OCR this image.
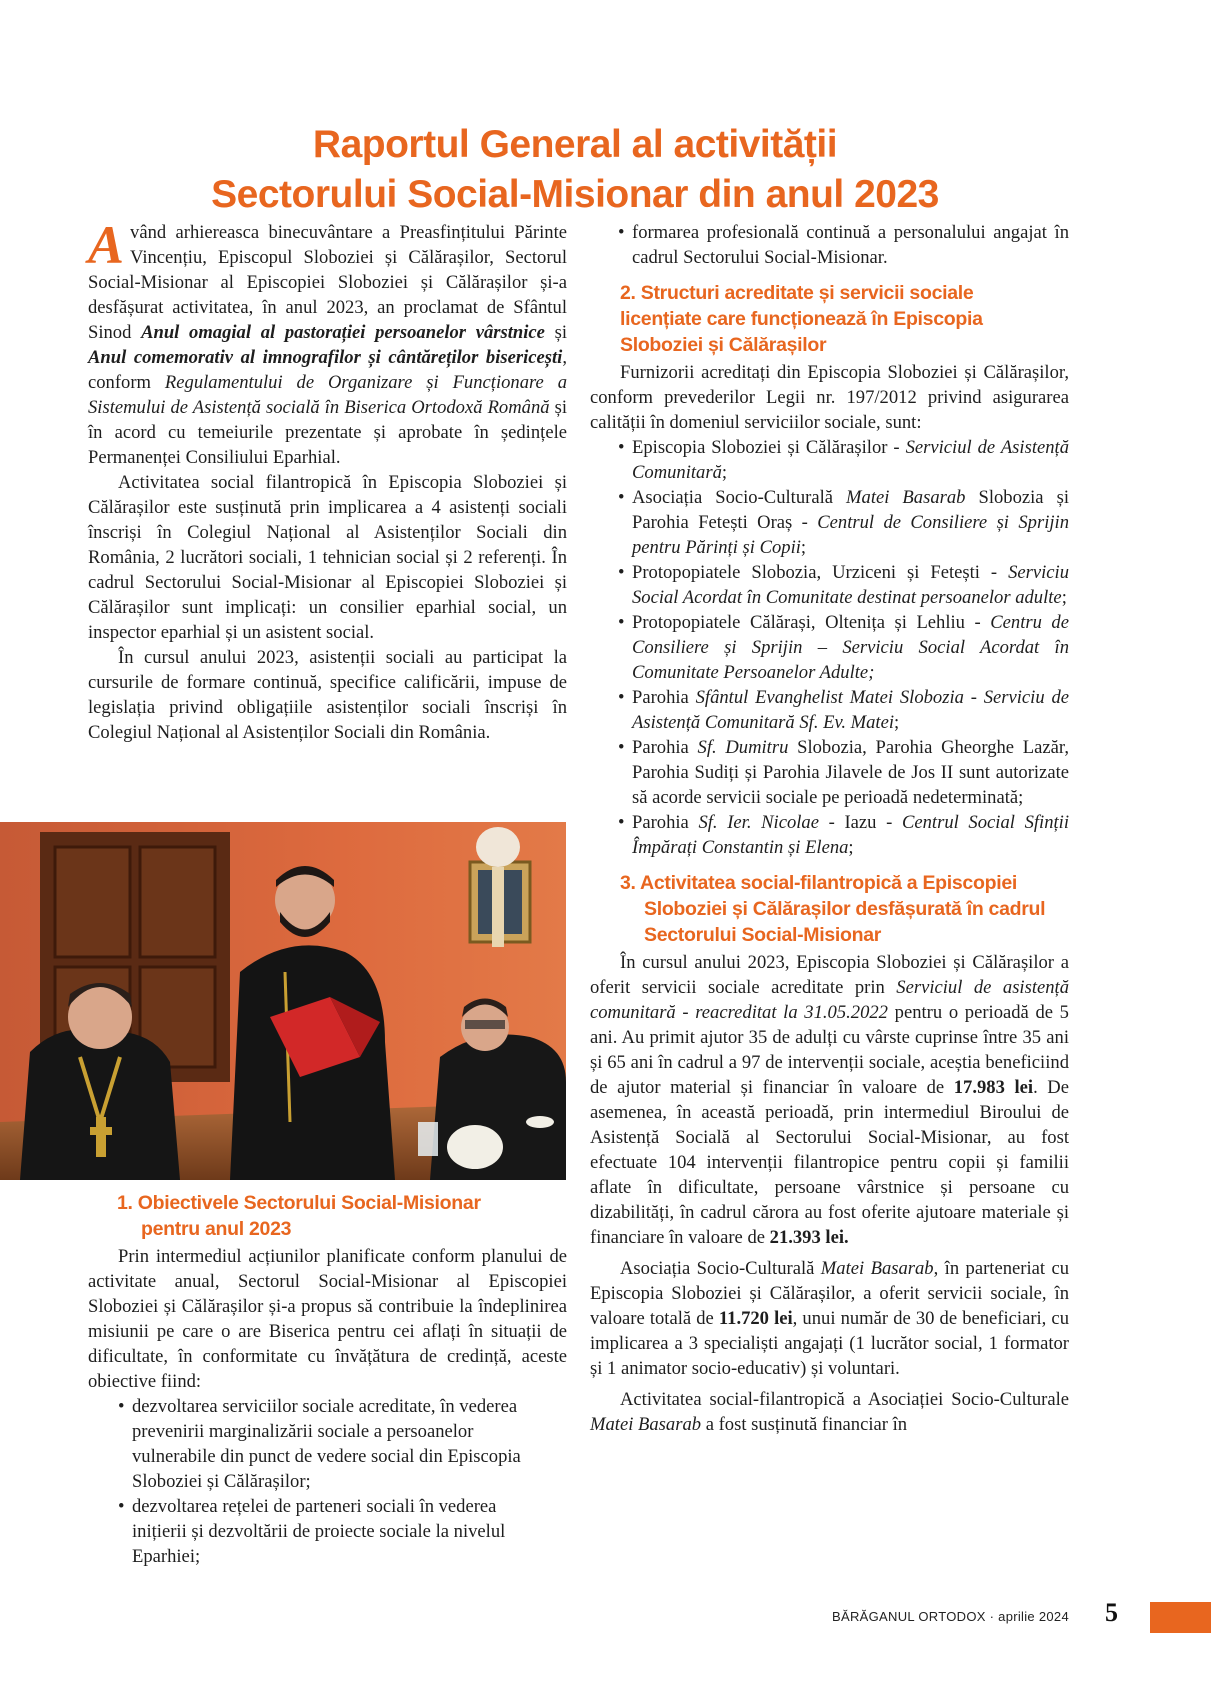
Raportul General al activității
Sectorului Social-Misionar din anul 2023

Având arhiereasca binecuvântare a Preasfințitului Părinte Vincențiu, Episcopul Sloboziei și Călărașilor, Sectorul Social-Misionar al Episcopiei Sloboziei și Călărașilor și-a desfășurat activitatea, în anul 2023, an proclamat de Sfântul Sinod Anul omagial al pastorației persoanelor vârstnice și Anul comemorativ al imnografilor și cântăreților bisericești, conform Regulamentului de Organizare și Funcționare a Sistemului de Asistență socială în Biserica Ortodoxă Română și în acord cu temeiurile prezentate și aprobate în ședințele Permanenței Consiliului Eparhial.

Activitatea social filantropică în Episcopia Sloboziei și Călărașilor este susținută prin implicarea a 4 asistenți sociali înscriși în Colegiul Național al Asistenților Sociali din România, 2 lucrători sociali, 1 tehnician social și 2 referenți. În cadrul Sectorului Social-Misionar al Episcopiei Sloboziei și Călărașilor sunt implicați: un consilier eparhial social, un inspector eparhial și un asistent social.

În cursul anului 2023, asistenții sociali au participat la cursurile de formare continuă, specifice calificării, impuse de legislația privind obligațiile asistenților sociali înscriși în Colegiul Național al Asistenților Sociali din România.

1. Obiectivele Sectorului Social-Misionar
pentru anul 2023

Prin intermediul acțiunilor planificate conform planului de activitate anual, Sectorul Social-Misionar al Episcopiei Sloboziei și Călărașilor și-a propus să contribuie la îndeplinirea misiunii pe care o are Biserica pentru cei aflați în situații de dificultate, în conformitate cu învățătura de credință, aceste obiective fiind:

• dezvoltarea serviciilor sociale acreditate, în vederea prevenirii marginalizării sociale a persoanelor vulnerabile din punct de vedere social din Episcopia Sloboziei și Călărașilor;
• dezvoltarea rețelei de parteneri sociali în vederea inițierii și dezvoltării de proiecte sociale la nivelul Eparhiei;
• formarea profesională continuă a personalului angajat în cadrul Sectorului Social-Misionar.
2. Structuri acreditate și servicii sociale
licențiate care funcționează în Episcopia
Sloboziei și Călărașilor

Furnizorii acreditați din Episcopia Sloboziei și Călărașilor, conform prevederilor Legii nr. 197/2012 privind asigurarea calității în domeniul serviciilor sociale, sunt:

• Episcopia Sloboziei și Călărașilor - Serviciul de Asistență Comunitară;
• Asociația Socio-Culturală Matei Basarab Slobozia și Parohia Fetești Oraș - Centrul de Consiliere și Sprijin pentru Părinți și Copii;
• Protopopiatele Slobozia, Urziceni și Fetești - Serviciu Social Acordat în Comunitate destinat persoanelor adulte;
• Protopopiatele Călărași, Oltenița și Lehliu - Centru de Consiliere și Sprijin – Serviciu Social Acordat în Comunitate Persoanelor Adulte;
• Parohia Sfântul Evanghelist Matei Slobozia - Serviciu de Asistență Comunitară Sf. Ev. Matei;
• Parohia Sf. Dumitru Slobozia, Parohia Gheorghe Lazăr, Parohia Sudiți și Parohia Jilavele de Jos II sunt autorizate să acorde servicii sociale pe perioadă nedeterminată;
• Parohia Sf. Ier. Nicolae - Iazu - Centrul Social Sfinții Împărați Constantin și Elena;
3. Activitatea social-filantropică a Episcopiei
Sloboziei și Călărașilor desfășurată în cadrul
Sectorului Social-Misionar

În cursul anului 2023, Episcopia Sloboziei și Călărașilor a oferit servicii sociale acreditate prin Serviciul de asistență comunitară - reacreditat la 31.05.2022 pentru o perioadă de 5 ani. Au primit ajutor 35 de adulți cu vârste cuprinse între 35 ani și 65 ani în cadrul a 97 de intervenții sociale, aceștia beneficiind de ajutor material și financiar în valoare de 17.983 lei. De asemenea, în această perioadă, prin intermediul Biroului de Asistență Socială al Sectorului Social-Misionar, au fost efectuate 104 intervenții filantropice pentru copii și familii aflate în dificultate, persoane vârstnice și persoane cu dizabilități, în cadrul cărora au fost oferite ajutoare materiale și financiare în valoare de 21.393 lei.

Asociația Socio-Culturală Matei Basarab, în parteneriat cu Episcopia Sloboziei și Călărașilor, a oferit servicii sociale, în valoare totală de 11.720 lei, unui număr de 30 de beneficiari, cu implicarea a 3 specialiști angajați (1 lucrător social, 1 formator și 1 animator socio-educativ) și voluntari.

Activitatea social-filantropică a Asociației Socio-Culturale Matei Basarab a fost susținută financiar în

BĂRĂGANUL ORTODOX · aprilie 2024 5
